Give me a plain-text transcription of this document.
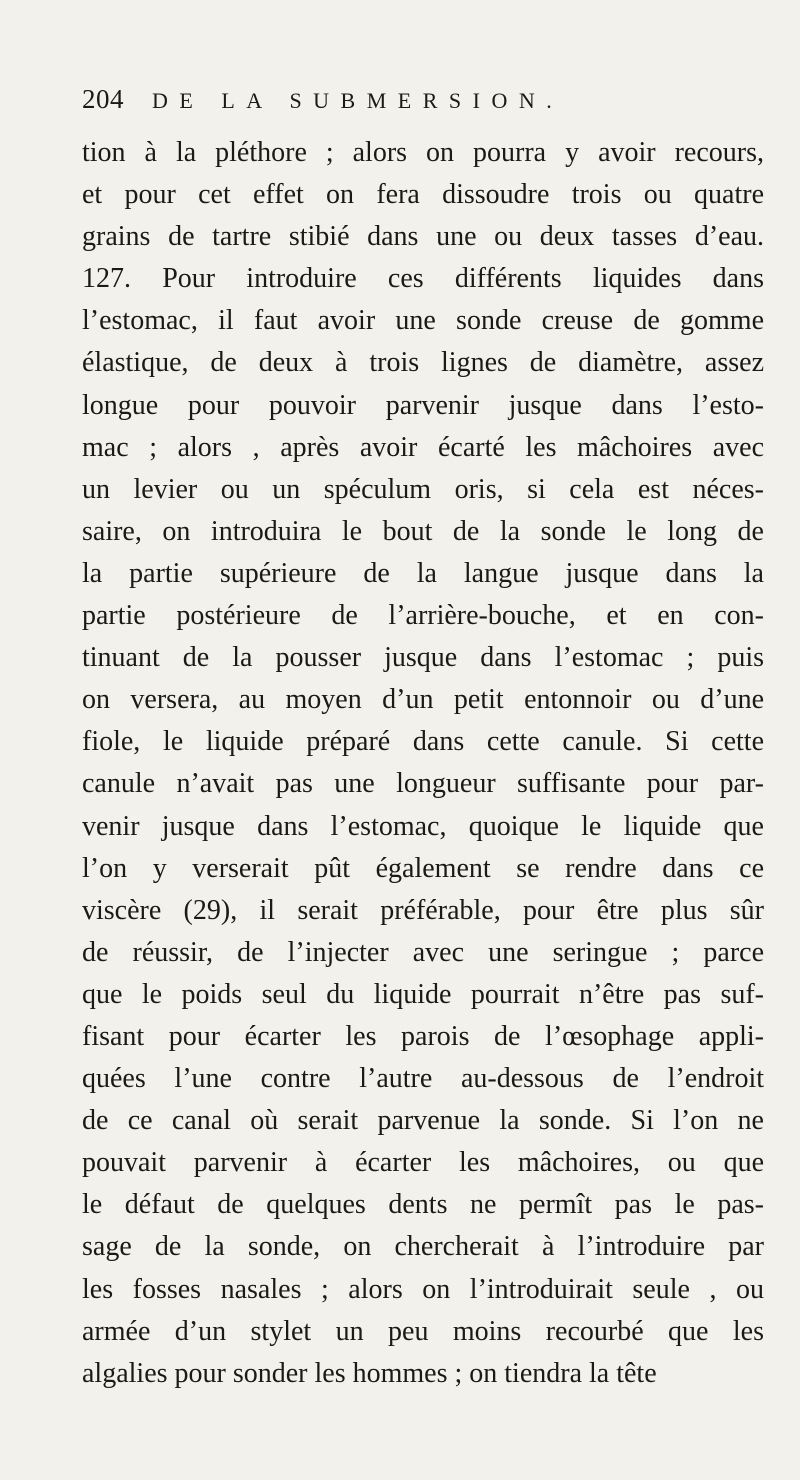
204 DE LA SUBMERSION.
tion à la pléthore ; alors on pourra y avoir recours,
et pour cet effet on fera dissoudre trois ou quatre
grains de tartre stibié dans une ou deux tasses d’eau.
127. Pour introduire ces différents liquides dans
l’estomac, il faut avoir une sonde creuse de gomme
élastique, de deux à trois lignes de diamètre, assez
longue pour pouvoir parvenir jusque dans l’esto-
mac ; alors , après avoir écarté les mâchoires avec
un levier ou un spéculum oris, si cela est néces-
saire, on introduira le bout de la sonde le long de
la partie supérieure de la langue jusque dans la
partie postérieure de l’arrière-bouche, et en con-
tinuant de la pousser jusque dans l’estomac ; puis
on versera, au moyen d’un petit entonnoir ou d’une
fiole, le liquide préparé dans cette canule. Si cette
canule n’avait pas une longueur suffisante pour par-
venir jusque dans l’estomac, quoique le liquide que
l’on y verserait pût également se rendre dans ce
viscère (29), il serait préférable, pour être plus sûr
de réussir, de l’injecter avec une seringue ; parce
que le poids seul du liquide pourrait n’être pas suf-
fisant pour écarter les parois de l’œsophage appli-
quées l’une contre l’autre au-dessous de l’endroit
de ce canal où serait parvenue la sonde. Si l’on ne
pouvait parvenir à écarter les mâchoires, ou que
le défaut de quelques dents ne permît pas le pas-
sage de la sonde, on chercherait à l’introduire par
les fosses nasales ; alors on l’introduirait seule , ou
armée d’un stylet un peu moins recourbé que les
algalies pour sonder les hommes ; on tiendra la tête
